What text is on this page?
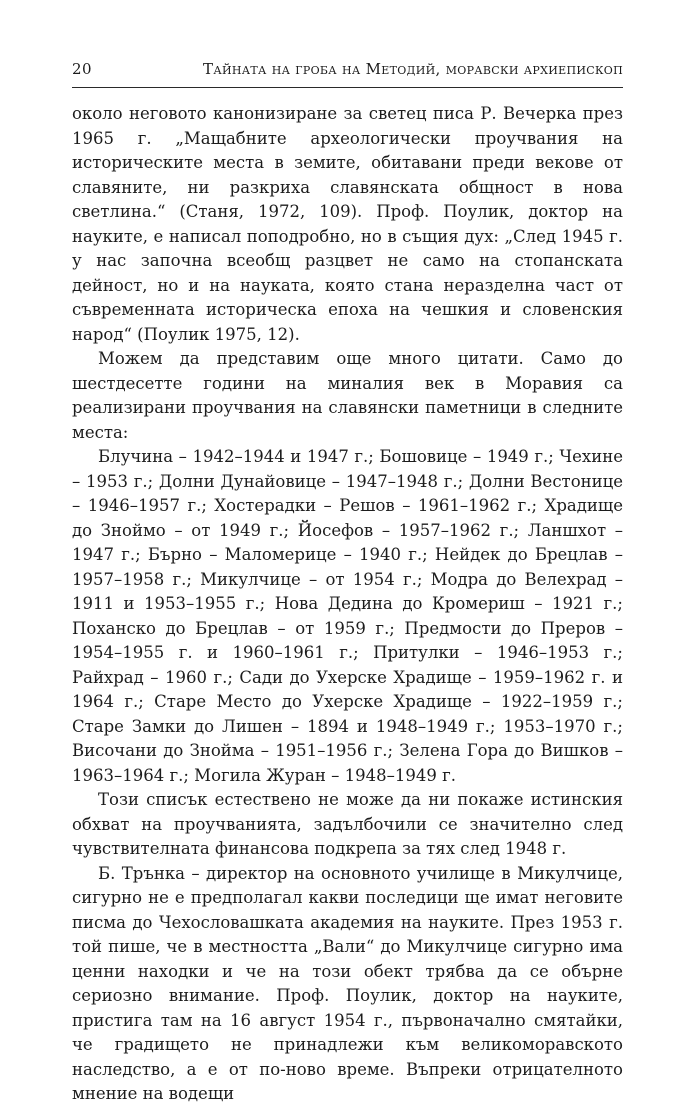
20	Тайната на гроба на Методий, моравски архиепископ

около неговото канонизиране за светец писа Р. Вечерка през 1965 г. „Мащабните археологически проучвания на историческите места в земите, обитавани преди векове от славяните, ни разкриха славянската общност в нова светлина.“ (Станя, 1972, 109). Проф. Поулик, доктор на науките, е написал поподробно, но в същия дух: „След 1945 г. у нас започна всеобщ разцвет не само на стопанската дейност, но и на науката, която стана неразделна част от съвременната историческа епоха на чешкия и словенския народ“ (Поулик 1975, 12).

Можем да представим още много цитати. Само до шестдесетте години на миналия век в Моравия са реализирани проучвания на славянски паметници в следните места:

Блучина – 1942–1944 и 1947 г.; Бошовице – 1949 г.; Чехине – 1953 г.; Долни Дунайовице – 1947–1948 г.; Долни Вестонице – 1946–1957 г.; Хостерадки – Решов – 1961–1962 г.; Храдище до Зноймо – от 1949 г.; Йосефов – 1957–1962 г.; Ланшхот – 1947 г.; Бърно – Маломерице – 1940 г.; Нейдек до Брецлав – 1957–1958 г.; Микулчице – от 1954 г.; Модра до Велехрад – 1911 и 1953–1955 г.; Нова Дедина до Кромериш – 1921 г.; Поханско до Брецлав – от 1959 г.; Предмости до Преров – 1954–1955 г. и 1960–1961 г.; Притулки – 1946–1953 г.; Райхрад – 1960 г.; Сади до Ухерске Храдище – 1959–1962 г. и 1964 г.; Старе Место до Ухерске Храдище – 1922–1959 г.; Старе Замки до Лишен – 1894 и 1948–1949 г.; 1953–1970 г.; Височани до Знойма – 1951–1956 г.; Зелена Гора до Вишков – 1963–1964 г.; Могила Журан – 1948–1949 г.

Този списък естествено не може да ни покаже истинския обхват на проучванията, задълбочили се значително след чувствителната финансова подкрепа за тях след 1948 г.

Б. Трънка – директор на основното училище в Микулчице, сигурно не е предполагал какви последици ще имат неговите писма до Чехословашката академия на науките. През 1953 г. той пише, че в местността „Вали“ до Микулчице сигурно има ценни находки и че на този обект трябва да се обърне сериозно внимание. Проф. Поулик, доктор на науките, пристига там на 16 август 1954 г., първоначално смятайки, че градището не принадлежи към великоморавското наследство, а е от по-ново време. Въпреки отрицателното мнение на водещи
